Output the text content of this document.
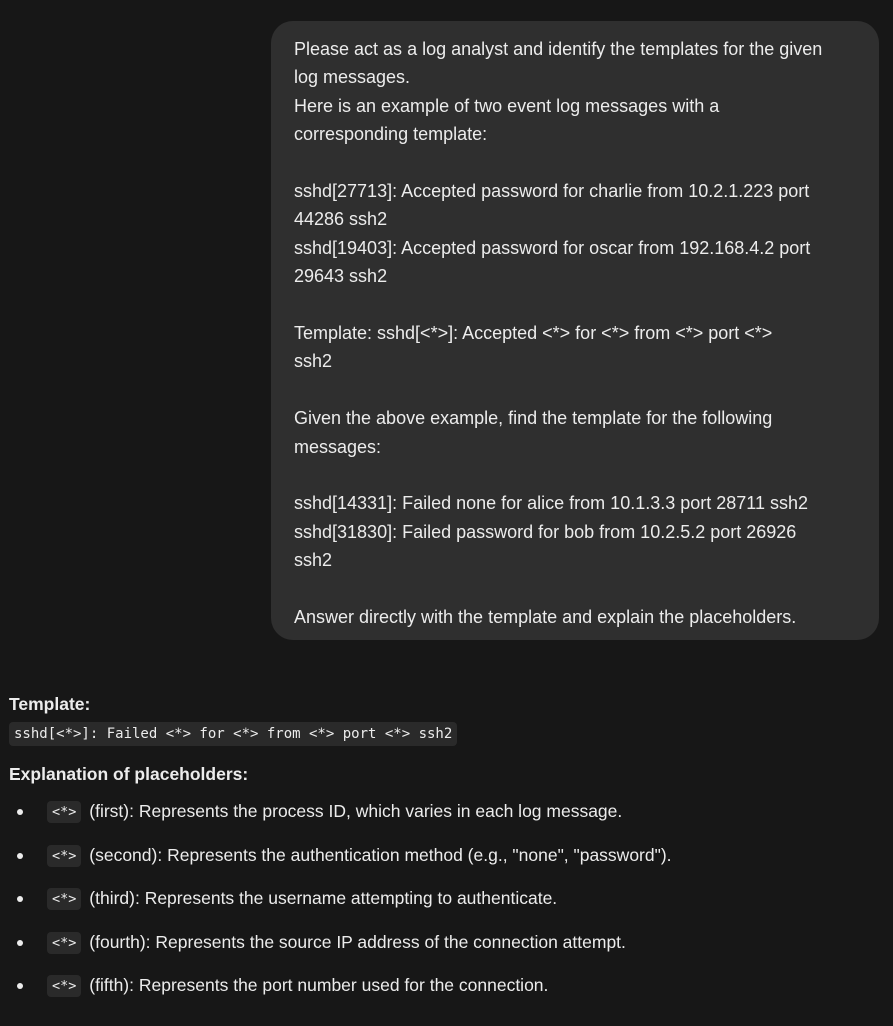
Please act as a log analyst and identify the templates for the given

log messages.

Here is an example of two event log messages with a

corresponding template:

sshd[27713]: Accepted password for charlie from 10.2.1.223 port

44286 ssh2

sshd[19403]: Accepted password for oscar from 192.168.4.2 port

29643 ssh2

Template: sshd[<*>]: Accepted <*> for <*> from <*> port <*>

ssh2

Given the above example, find the template for the following

messages:

sshd[14331]: Failed none for alice from 10.1.3.3 port 28711 ssh2

sshd[31830]: Failed password for bob from 10.2.5.2 port 26926

ssh2

Answer directly with the template and explain the placeholders.

Template:

sshd[<*>]: Failed <*> for <*> from <*> port <*> ssh2

Explanation of placeholders:

<*> (first): Represents the process ID, which varies in each log message.
<*> (second): Represents the authentication method (e.g., "none", "password").
<*> (third): Represents the username attempting to authenticate.
<*> (fourth): Represents the source IP address of the connection attempt.
<*> (fifth): Represents the port number used for the connection.
